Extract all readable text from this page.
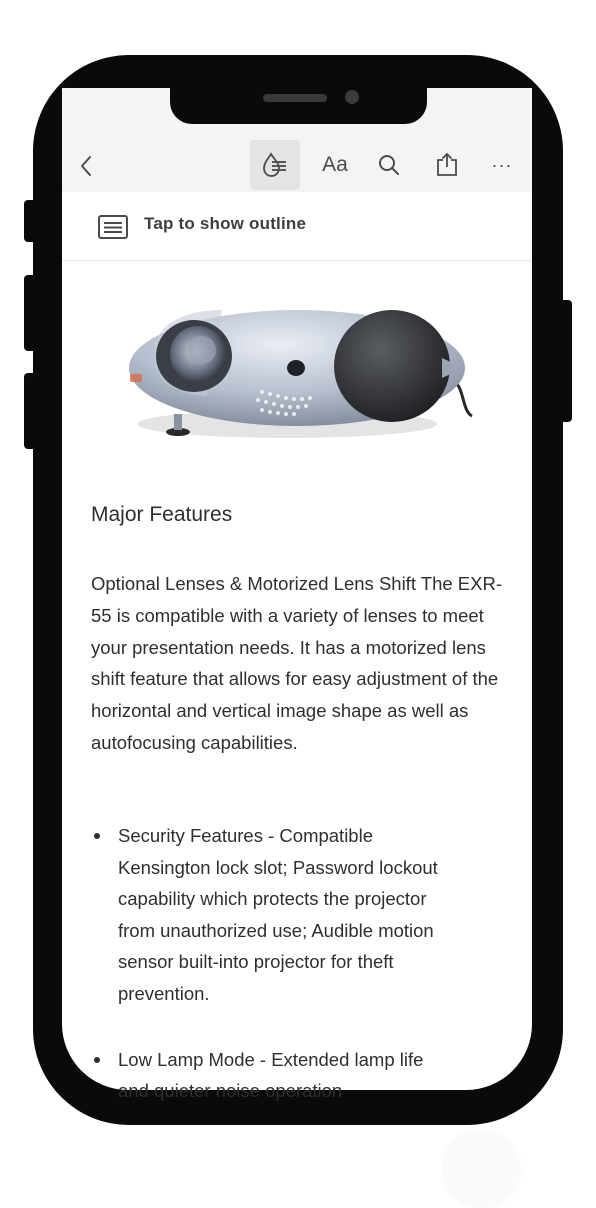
Aa	···
Tap to show outline
Major Features
Optional Lenses & Motorized Lens Shift The EXR-55 is compatible with a variety of lenses to meet your presentation needs. It has a motorized lens shift feature that allows for easy adjustment of the horizontal and vertical image shape as well as autofocusing capabilities.
Security Features - Compatible Kensington lock slot; Password lockout capability which protects the projector from unauthorized use; Audible motion sensor built-into projector for theft prevention.
Low Lamp Mode - Extended lamp life and quieter noise operation
